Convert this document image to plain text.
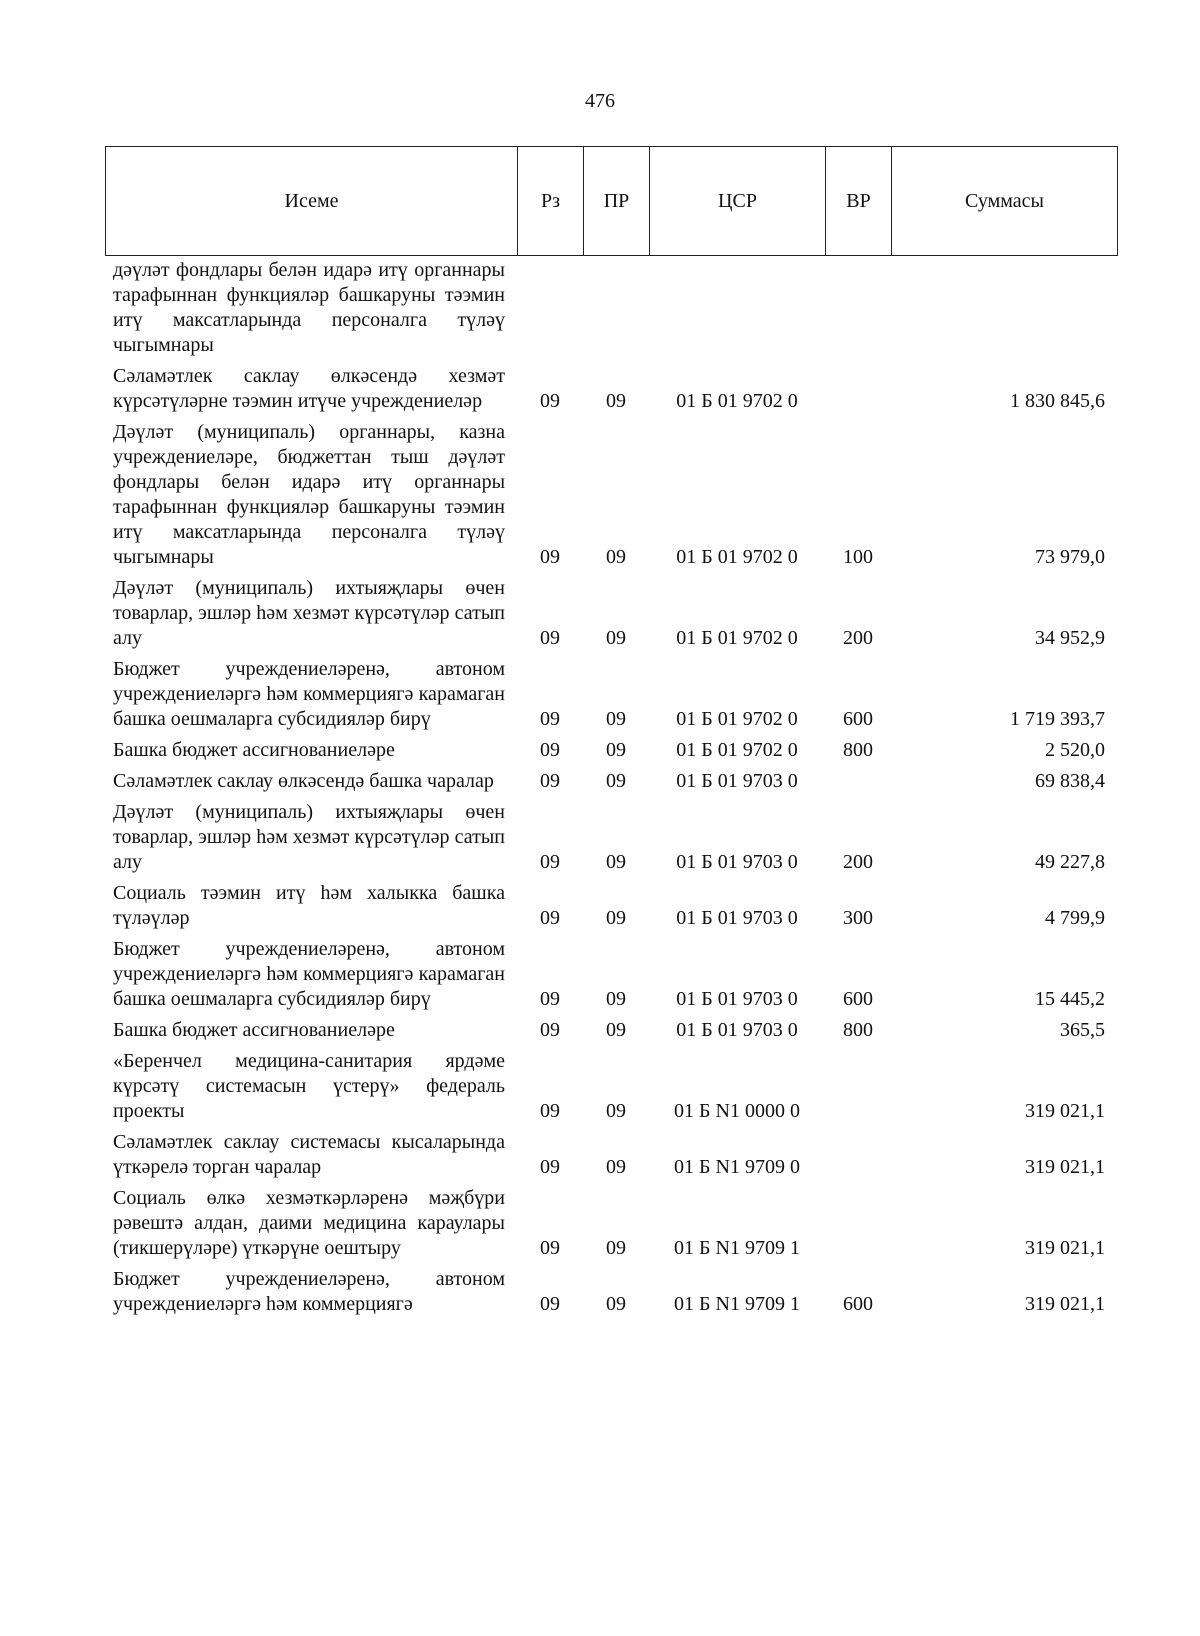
476
Исеме	Рз	ПР	ЦСР	ВР	Суммасы
дәүләт фондлары белән идарә итү органнары тарафыннан функцияләр башкаруны тәэмин итү максатларында персоналга түләү чыгымнары					
Сәламәтлек саклау өлкәсендә хезмәт күрсәтүләрне тәэмин итүче учреждениеләр	09	09	01 Б 01 9702 0		1 830 845,6
Дәүләт (муниципаль) органнары, казна учреждениеләре, бюджеттан тыш дәүләт фондлары белән идарә итү органнары тарафыннан функцияләр башкаруны тәэмин итү максатларында персоналга түләү чыгымнары	09	09	01 Б 01 9702 0	100	73 979,0
Дәүләт (муниципаль) ихтыяҗлары өчен товарлар, эшләр һәм хезмәт күрсәтүләр сатып алу	09	09	01 Б 01 9702 0	200	34 952,9
Бюджет учреждениеләренә, автоном учреждениеләргә һәм коммерциягә карамаган башка оешмаларга субсидияләр бирү	09	09	01 Б 01 9702 0	600	1 719 393,7
Башка бюджет ассигнованиеләре	09	09	01 Б 01 9702 0	800	2 520,0
Сәламәтлек саклау өлкәсендә башка чаралар	09	09	01 Б 01 9703 0		69 838,4
Дәүләт (муниципаль) ихтыяҗлары өчен товарлар, эшләр һәм хезмәт күрсәтүләр сатып алу	09	09	01 Б 01 9703 0	200	49 227,8
Социаль тәэмин итү һәм халыкка башка түләүләр	09	09	01 Б 01 9703 0	300	4 799,9
Бюджет учреждениеләренә, автоном учреждениеләргә һәм коммерциягә карамаган башка оешмаларга субсидияләр бирү	09	09	01 Б 01 9703 0	600	15 445,2
Башка бюджет ассигнованиеләре	09	09	01 Б 01 9703 0	800	365,5
«Беренчел медицина-санитария ярдәме күрсәтү системасын үстерү» федераль проекты	09	09	01 Б N1 0000 0		319 021,1
Сәламәтлек саклау системасы кысаларында үткәрелә торган чаралар	09	09	01 Б N1 9709 0		319 021,1
Социаль өлкә хезмәткәрләренә мәҗбүри рәвештә алдан, даими медицина караулары (тикшерүләре) үткәрүне оештыру	09	09	01 Б N1 9709 1		319 021,1
Бюджет учреждениеләренә, автоном учреждениеләргә һәм коммерциягә	09	09	01 Б N1 9709 1	600	319 021,1
